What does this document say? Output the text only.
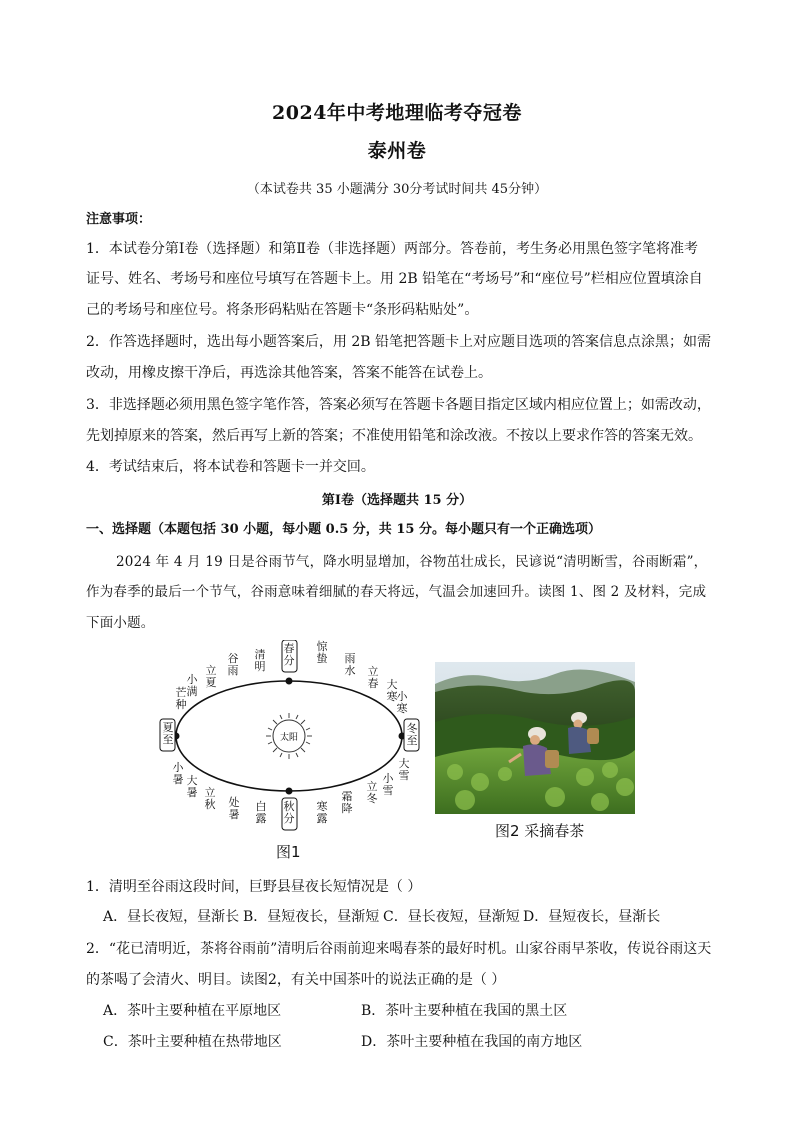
2024年中考地理临考夺冠卷
泰州卷
（本试卷共 35 小题满分 30分考试时间共 45分钟）
注意事项：
1．本试卷分第Ⅰ卷（选择题）和第Ⅱ卷（非选择题）两部分。答卷前，考生务必用黑色签字笔将准考
证号、姓名、考场号和座位号填写在答题卡上。用 2B 铅笔在“考场号”和“座位号”栏相应位置填涂自
己的考场号和座位号。将条形码粘贴在答题卡“条形码粘贴处”。
2．作答选择题时，选出每小题答案后，用 2B 铅笔把答题卡上对应题目选项的答案信息点涂黑；如需
改动，用橡皮擦干净后，再选涂其他答案，答案不能答在试卷上。
3．非选择题必须用黑色签字笔作答，答案必须写在答题卡各题目指定区域内相应位置上；如需改动，
先划掉原来的答案，然后再写上新的答案；不准使用铅笔和涂改液。不按以上要求作答的答案无效。
4．考试结束后，将本试卷和答题卡一并交回。
第Ⅰ卷（选择题共 15 分）
一、选择题（本题包括 30 小题，每小题 0.5 分，共 15 分。每小题只有一个正确选项）
2024 年 4 月 19 日是谷雨节气，降水明显增加，谷物茁壮成长，民谚说“清明断雪，谷雨断霜”，
作为春季的最后一个节气，谷雨意味着细腻的春天将远，气温会加速回升。读图 1、图 2 及材料，完成
下面小题。
太阳
春分
惊蛰 雨水 立春 大寒 小寒
冬至
大雪
小雪
立冬
霜降
寒露
秋分
白露
处暑
立秋
大暑
小暑
夏至
芒种
小满
立夏
谷雨
清明
图1
图2 采摘春茶
1．清明至谷雨这段时间，巨野县昼夜长短情况是（ ）
A．昼长夜短，昼渐长 B．昼短夜长，昼渐短 C．昼长夜短，昼渐短 D．昼短夜长，昼渐长
2．“花已清明近，茶将谷雨前”清明后谷雨前迎来喝春茶的最好时机。山家谷雨早茶收，传说谷雨这天
的茶喝了会清火、明目。读图2，有关中国茶叶的说法正确的是（ ）
A．茶叶主要种植在平原地区	B．茶叶主要种植在我国的黑土区
C．茶叶主要种植在热带地区	D．茶叶主要种植在我国的南方地区
